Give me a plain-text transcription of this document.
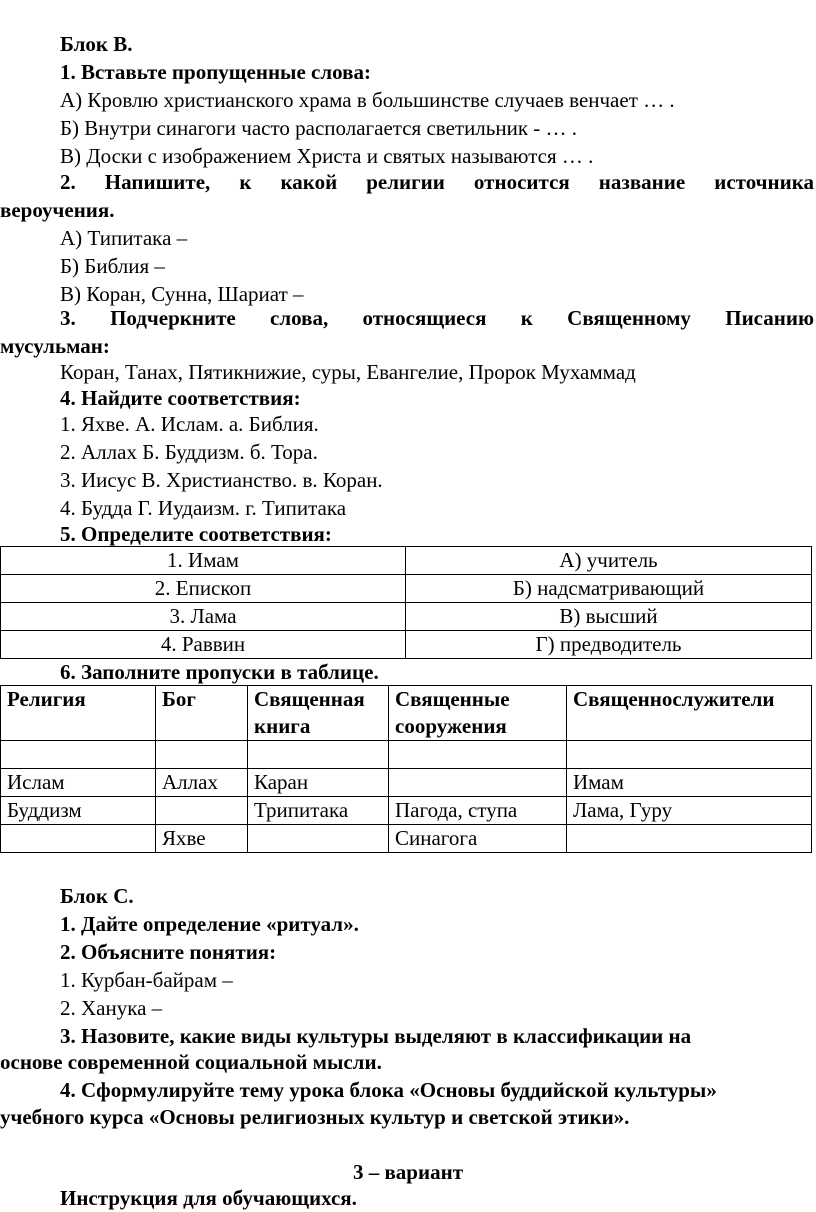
Блок В.
1. Вставьте пропущенные слова:
А) Кровлю христианского храма в большинстве случаев венчает … .
Б) Внутри синагоги часто располагается светильник - … .
В) Доски с изображением Христа и святых называются … .
2. Напишите, к какой религии относится название источника
вероучения.
А) Типитака –
Б) Библия –
В) Коран, Сунна, Шариат –
3. Подчеркните слова, относящиеся к Священному Писанию
мусульман:
Коран, Танах, Пятикнижие, суры, Евангелие, Пророк Мухаммад
4. Найдите соответствия:
1. Яхве. А. Ислам. а. Библия.
2. Аллах Б. Буддизм. б. Тора.
3. Иисус В. Христианство. в. Коран.
4. Будда Г. Иудаизм. г. Типитака
5. Определите соответствия:
1. Имам	А) учитель
2. Епископ	Б) надсматривающий
3. Лама	В) высший
4. Раввин	Г) предводитель
6. Заполните пропуски в таблице.
Религия	Бог	Священная книга	Священные сооружения	Священнослужители

Ислам	Аллах	Каран		Имам
Буддизм		Трипитака	Пагода, ступа	Лама, Гуру
	Яхве		Синагога	
Блок С.
1. Дайте определение «ритуал».
2. Объясните понятия:
1. Курбан-байрам –
2. Ханука –
3. Назовите, какие виды культуры выделяют в классификации на
основе современной социальной мысли.
4. Сформулируйте тему урока блока «Основы буддийской культуры»
учебного курса «Основы религиозных культур и светской этики».
3 – вариант
Инструкция для обучающихся.
